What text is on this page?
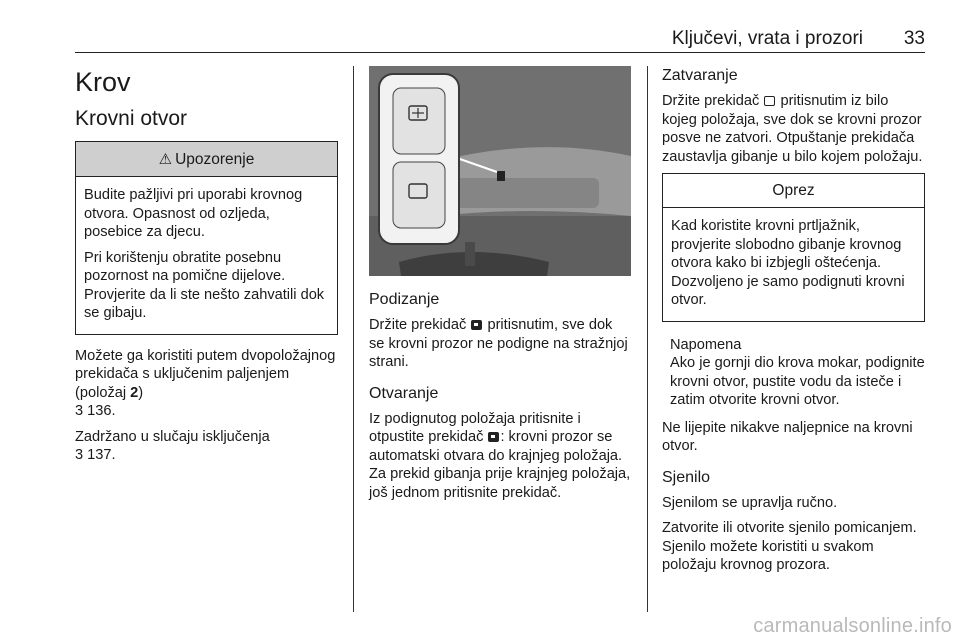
Ključevi, vrata i prozori 33
Krov
Krovni otvor
⚠ Upozorenje

Budite pažljivi pri uporabi krovnog otvora. Opasnost od ozljeda, posebice za djecu.

Pri korištenju obratite posebnu pozornost na pomične dijelove. Provjerite da li ste nešto zahvatili dok se gibaju.

Možete ga koristiti putem dvopoložajnog prekidača s uključenim paljenjem (položaj 2)
3 136.

Zadržano u slučaju isključenja
3 137.

Podizanje

Držite prekidač pritisnutim, sve dok se krovni prozor ne podigne na stražnjoj strani.

Otvaranje

Iz podignutog položaja pritisnite i otpustite prekidač : krovni prozor se automatski otvara do krajnjeg položaja. Za prekid gibanja prije krajnjeg položaja, još jednom pritisnite prekidač.

Zatvaranje

Držite prekidač pritisnutim iz bilo kojeg položaja, sve dok se krovni prozor posve ne zatvori. Otpuštanje prekidača zaustavlja gibanje u bilo kojem položaju.

Oprez

Kad koristite krovni prtljažnik, provjerite slobodno gibanje krovnog otvora kako bi izbjegli oštećenja. Dozvoljeno je samo podignuti krovni otvor.

Napomena
Ako je gornji dio krova mokar, podignite krovni otvor, pustite vodu da isteče i zatim otvorite krovni otvor.

Ne lijepite nikakve naljepnice na krovni otvor.

Sjenilo

Sjenilom se upravlja ručno.

Zatvorite ili otvorite sjenilo pomicanjem. Sjenilo možete koristiti u svakom položaju krovnog prozora.

carmanualsonline.info
